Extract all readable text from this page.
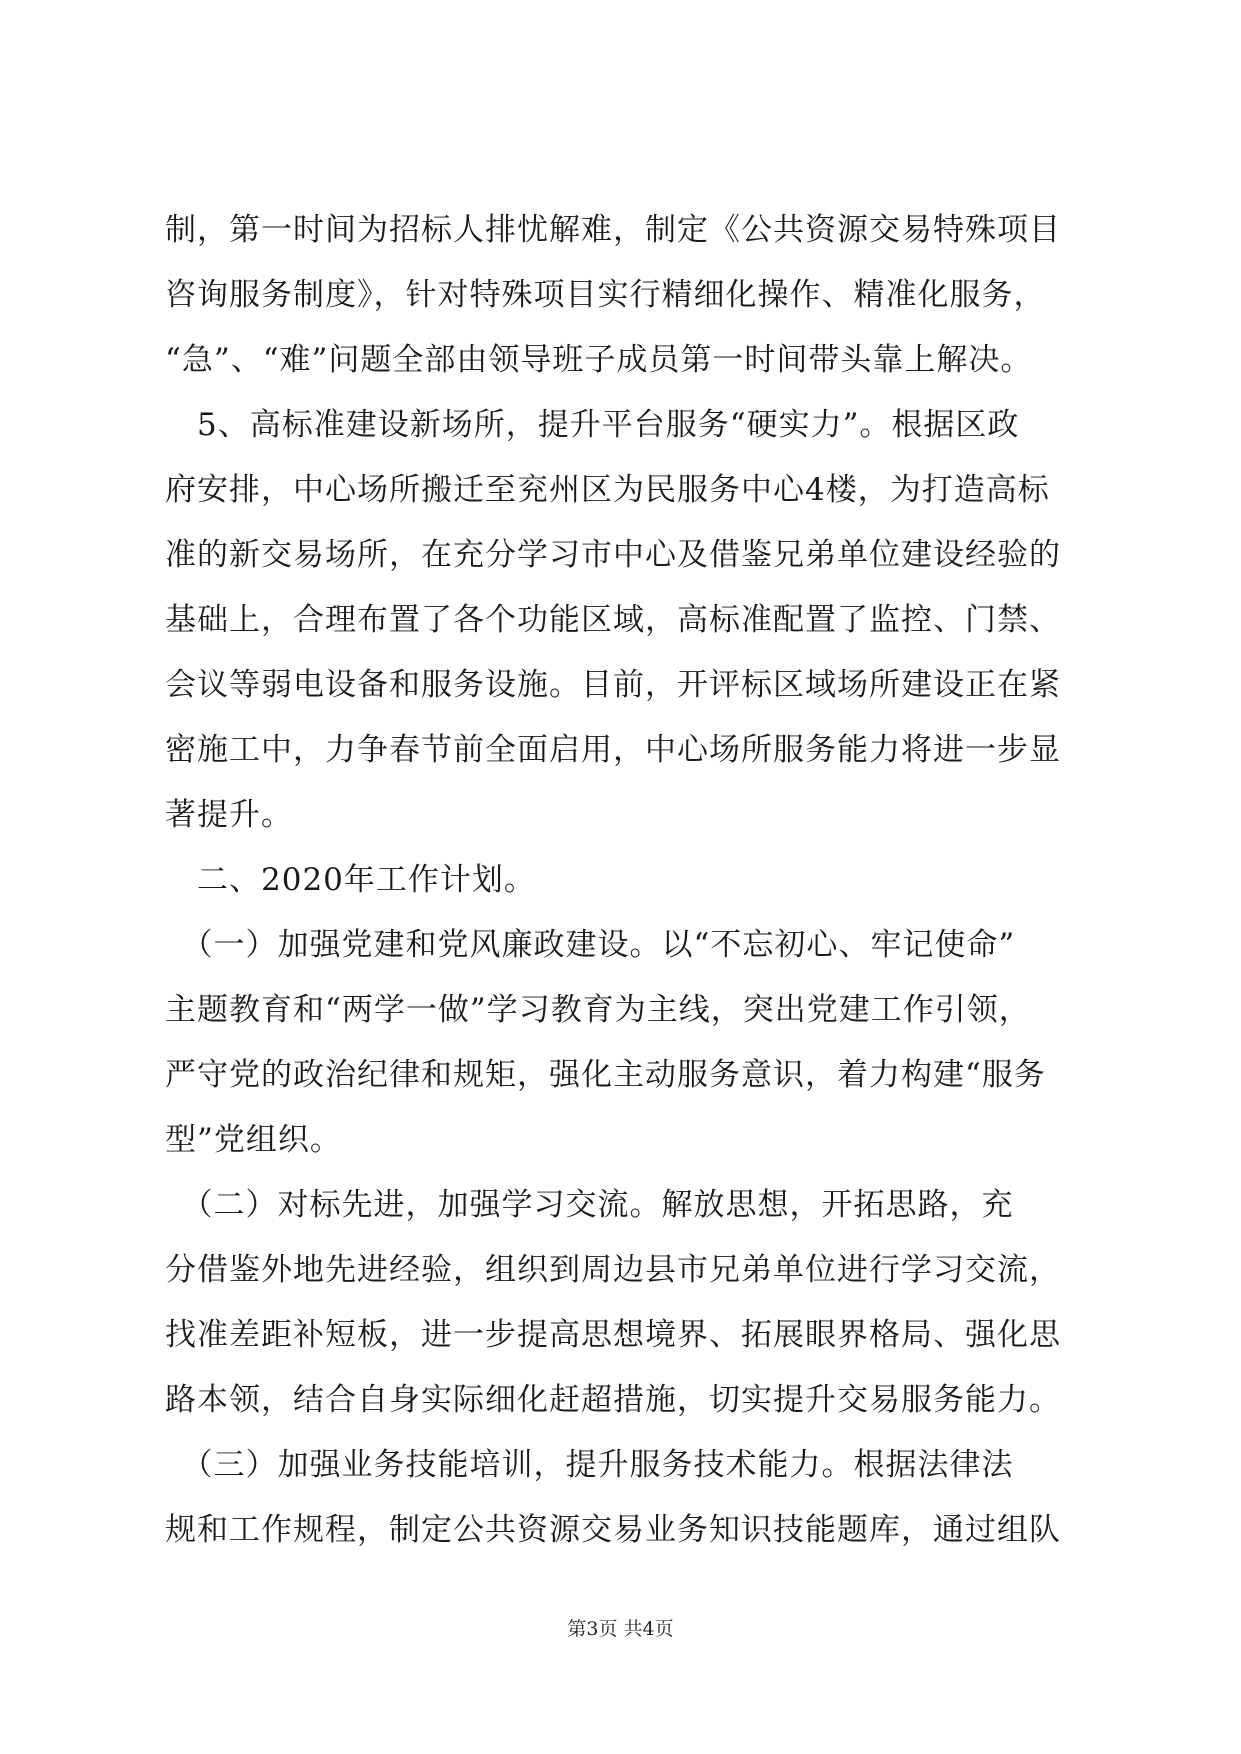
制，第一时间为招标人排忧解难，制定《公共资源交易特殊项目
咨询服务制度》，针对特殊项目实行精细化操作、精准化服务，
“急”、“难”问题全部由领导班子成员第一时间带头靠上解决。
　5、高标准建设新场所，提升平台服务“硬实力”。根据区政
府安排，中心场所搬迁至兖州区为民服务中心4楼，为打造高标
准的新交易场所，在充分学习市中心及借鉴兄弟单位建设经验的
基础上，合理布置了各个功能区域，高标准配置了监控、门禁、
会议等弱电设备和服务设施。目前，开评标区域场所建设正在紧
密施工中，力争春节前全面启用，中心场所服务能力将进一步显
著提升。
　二、2020年工作计划。
　（一）加强党建和党风廉政建设。以“不忘初心、牢记使命”
主题教育和“两学一做”学习教育为主线，突出党建工作引领，
严守党的政治纪律和规矩，强化主动服务意识，着力构建“服务
型”党组织。
　（二）对标先进，加强学习交流。解放思想，开拓思路，充
分借鉴外地先进经验，组织到周边县市兄弟单位进行学习交流，
找准差距补短板，进一步提高思想境界、拓展眼界格局、强化思
路本领，结合自身实际细化赶超措施，切实提升交易服务能力。
　（三）加强业务技能培训，提升服务技术能力。根据法律法
规和工作规程，制定公共资源交易业务知识技能题库，通过组队
第3页 共4页
